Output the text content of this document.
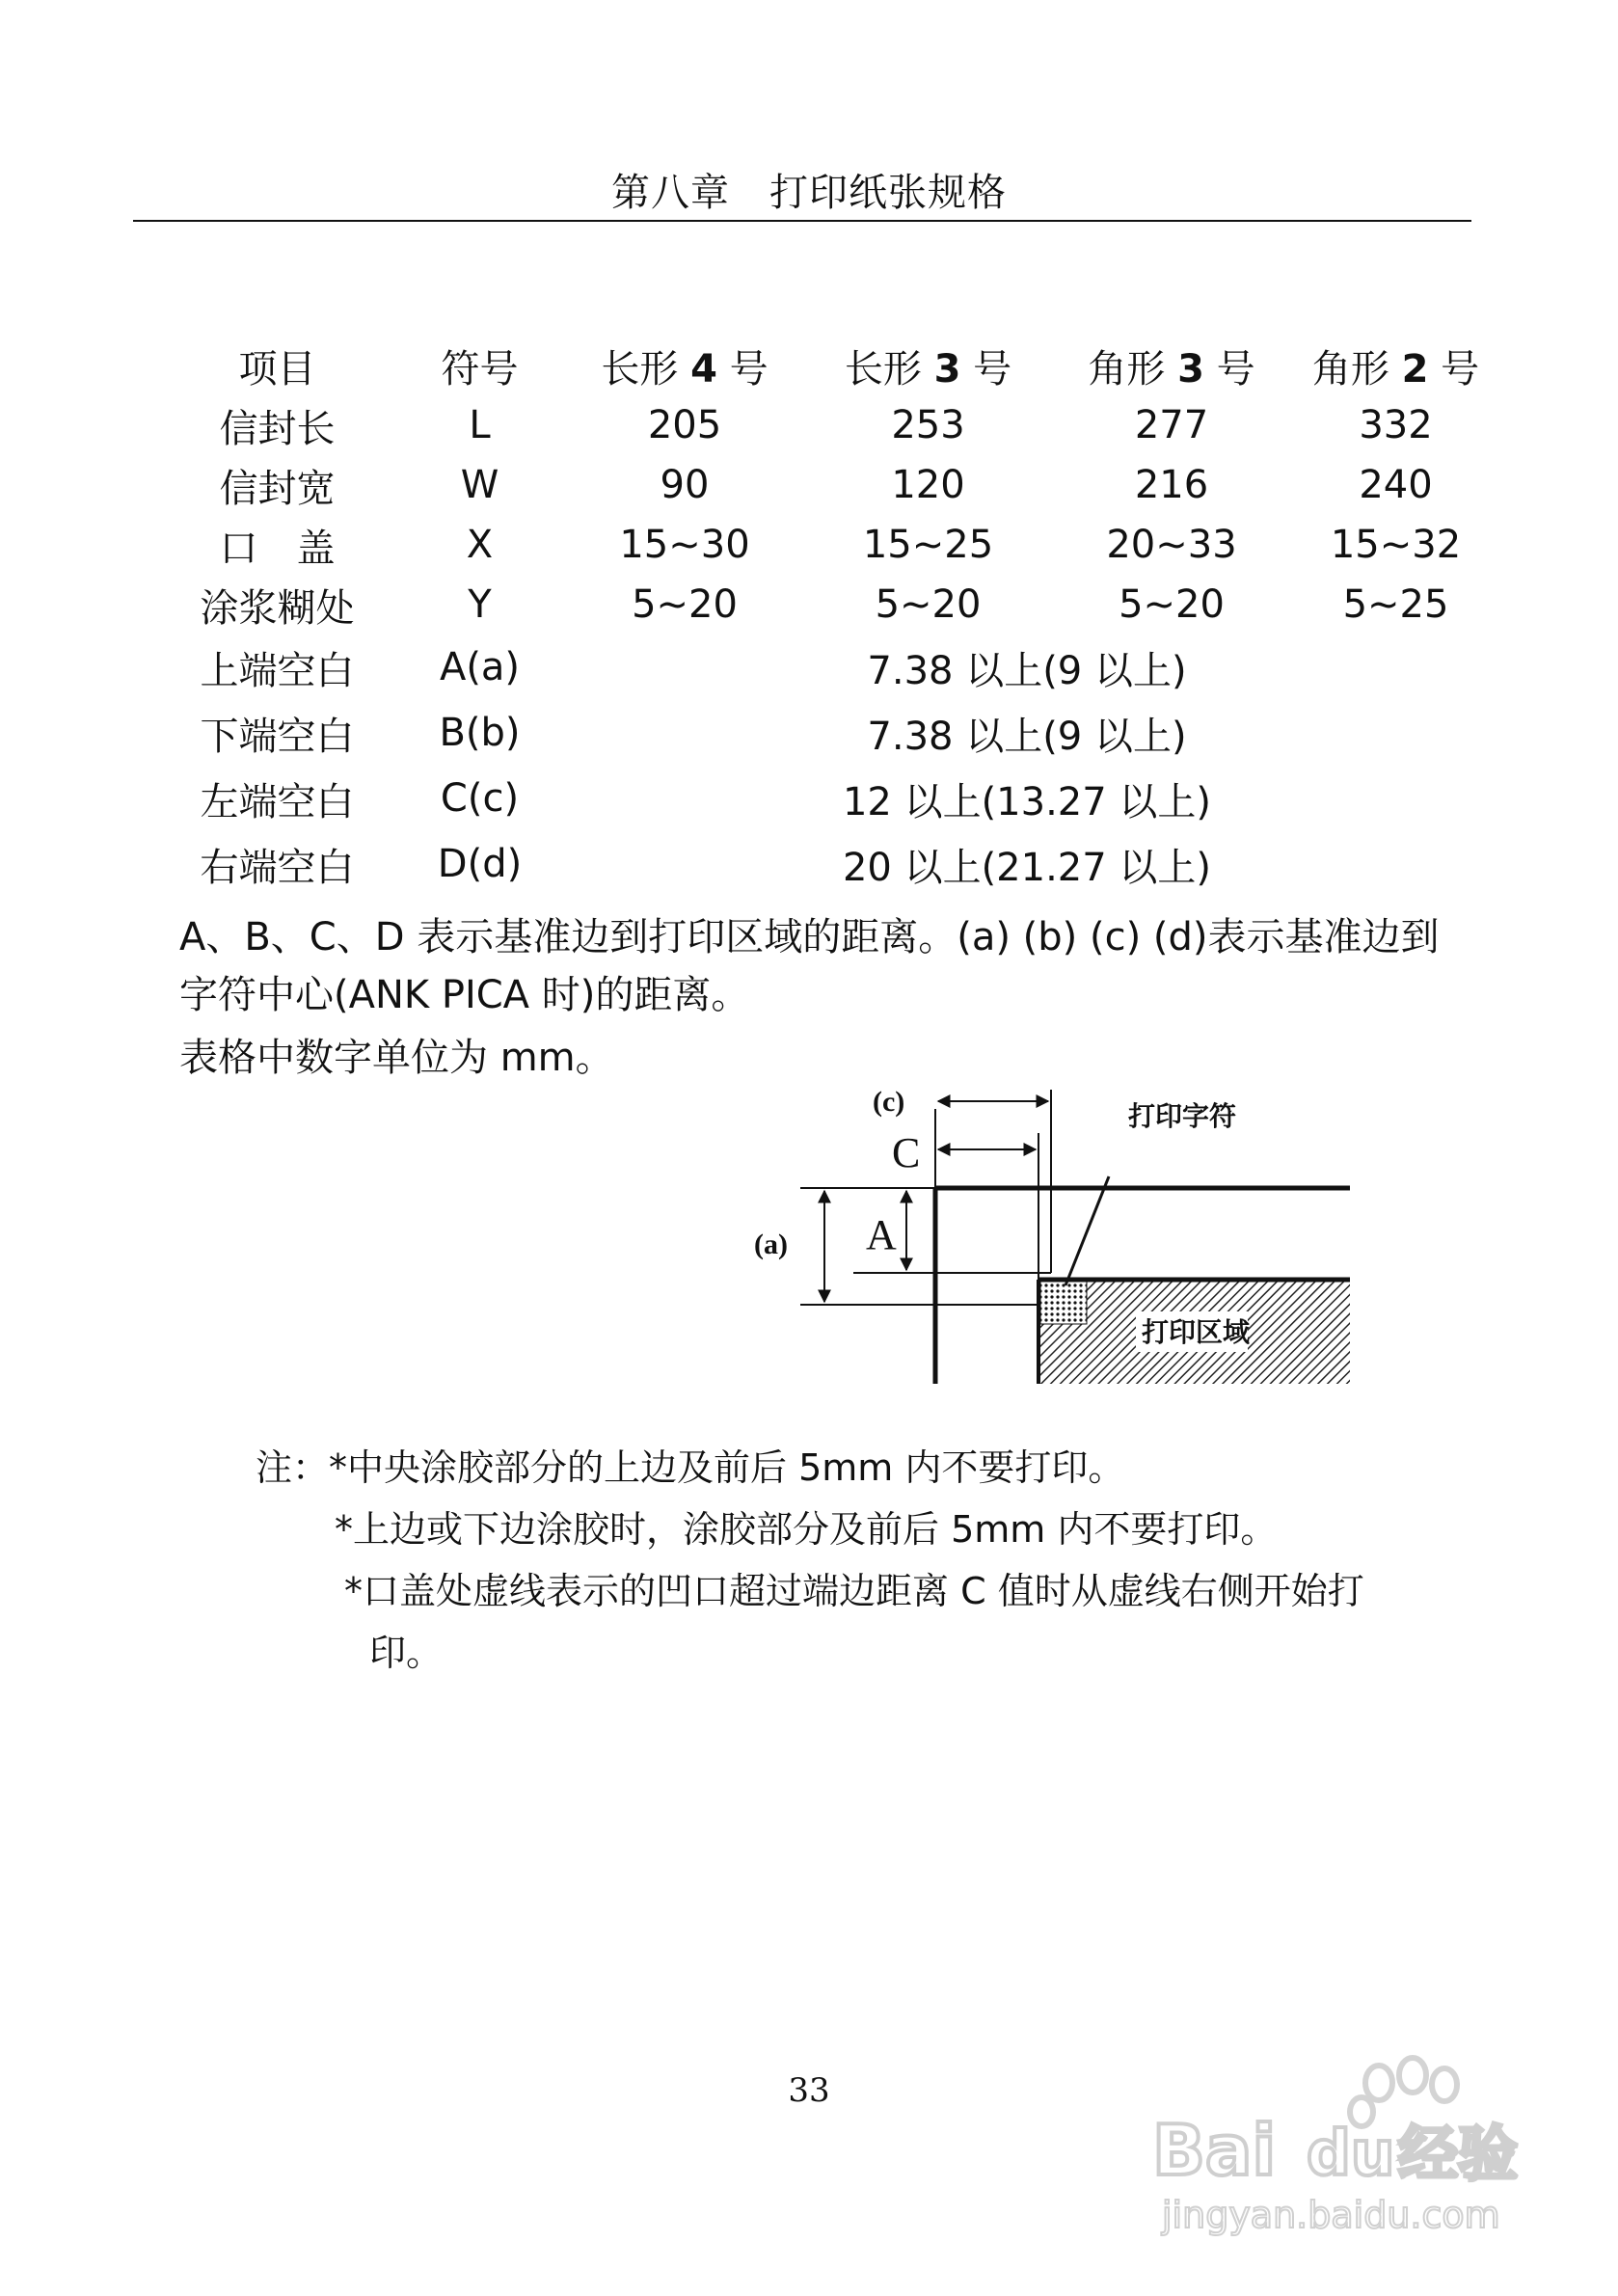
第八章　打印纸张规格
项目	符号	长形 4 号	长形 3 号	角形 3 号	角形 2 号
信封长	L	205	253	277	332
信封宽	W	90	120	216	240
口　盖	X	15~30	15~25	20~33	15~32
涂浆糊处	Y	5~20	5~20	5~20	5~25
上端空白	A(a)	7.38 以上(9 以上)			
下端空白	B(b)	7.38 以上(9 以上)			
左端空白	C(c)	12 以上(13.27 以上)			
右端空白	D(d)	20 以上(21.27 以上)			
A、B、C、D 表示基准边到打印区域的距离。(a) (b) (c) (d)表示基准边到
字符中心(ANK PICA 时)的距离。
表格中数字单位为 mm。
(c)
C
(a) A
打印字符
打印区域
注：*中央涂胶部分的上边及前后 5mm 内不要打印。
*上边或下边涂胶时，涂胶部分及前后 5mm 内不要打印。
*口盖处虚线表示的凹口超过端边距离 C 值时从虚线右侧开始打
印。
33
Bai du 经验
jingyan.baidu.com
